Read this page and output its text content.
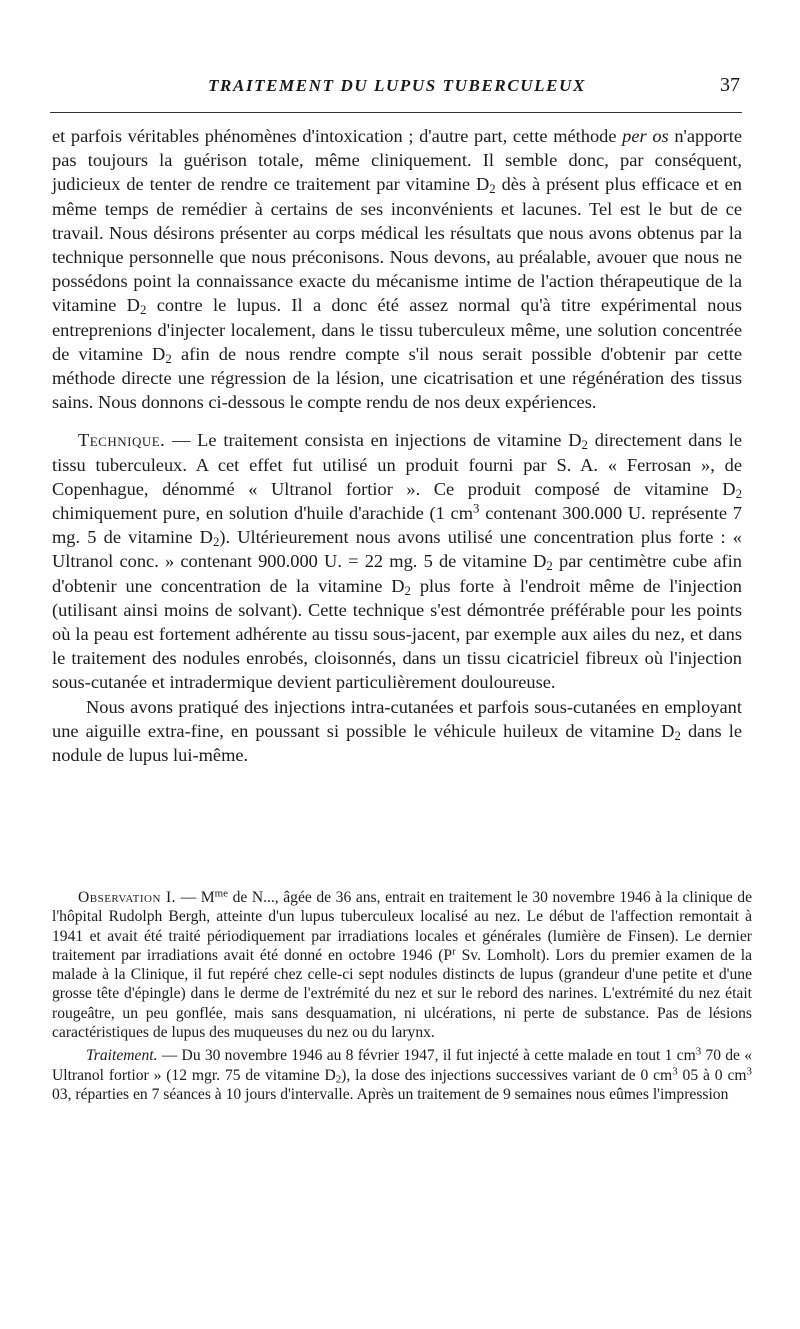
TRAITEMENT DU LUPUS TUBERCULEUX	37

et parfois véritables phénomènes d'intoxication ; d'autre part, cette méthode per os n'apporte pas toujours la guérison totale, même cliniquement. Il semble donc, par conséquent, judicieux de tenter de rendre ce traitement par vitamine $D_2$ dès à présent plus efficace et en même temps de remédier à certains de ses inconvénients et lacunes. Tel est le but de ce travail. Nous désirons présenter au corps médical les résultats que nous avons obtenus par la technique personnelle que nous préconisons. Nous devons, au préalable, avouer que nous ne possédons point la connaissance exacte du mécanisme intime de l'action thérapeutique de la vitamine $D_2$ contre le lupus. Il a donc été assez normal qu'à titre expérimental nous entreprenions d'injecter localement, dans le tissu tuberculeux même, une solution concentrée de vitamine $D_2$ afin de nous rendre compte s'il nous serait possible d'obtenir par cette méthode directe une régression de la lésion, une cicatrisation et une régénération des tissus sains. Nous donnons ci-dessous le compte rendu de nos deux expériences.

Technique. — Le traitement consista en injections de vitamine $D_2$ directement dans le tissu tuberculeux. A cet effet fut utilisé un produit fourni par S. A. « Ferrosan », de Copenhague, dénommé « Ultranol fortior ». Ce produit composé de vitamine $D_2$ chimiquement pure, en solution d'huile d'arachide (1 $cm^3$ contenant 300.000 U. représente 7 mg. 5 de vitamine $D_2$). Ultérieurement nous avons utilisé une concentration plus forte : « Ultranol conc. » contenant 900.000 U. = 22 mg. 5 de vitamine $D_2$ par centimètre cube afin d'obtenir une concentration de la vitamine $D_2$ plus forte à l'endroit même de l'injection (utilisant ainsi moins de solvant). Cette technique s'est démontrée préférable pour les points où la peau est fortement adhérente au tissu sous-jacent, par exemple aux ailes du nez, et dans le traitement des nodules enrobés, cloisonnés, dans un tissu cicatriciel fibreux où l'injection sous-cutanée et intradermique devient particulièrement douloureuse.

Nous avons pratiqué des injections intra-cutanées et parfois sous-cutanées en employant une aiguille extra-fine, en poussant si possible le véhicule huileux de vitamine $D_2$ dans le nodule de lupus lui-même.

Observation I. — $M^{me}$ de N..., âgée de 36 ans, entrait en traitement le 30 novembre 1946 à la clinique de l'hôpital Rudolph Bergh, atteinte d'un lupus tuberculeux localisé au nez. Le début de l'affection remontait à 1941 et avait été traité périodiquement par irradiations locales et générales (lumière de Finsen). Le dernier traitement par irradiations avait été donné en octobre 1946 ($P^r$ Sv. Lomholt). Lors du premier examen de la malade à la Clinique, il fut repéré chez celle-ci sept nodules distincts de lupus (grandeur d'une petite et d'une grosse tête d'épingle) dans le derme de l'extrémité du nez et sur le rebord des narines. L'extrémité du nez était rougeâtre, un peu gonflée, mais sans desquamation, ni ulcérations, ni perte de substance. Pas de lésions caractéristiques de lupus des muqueuses du nez ou du larynx.

Traitement. — Du 30 novembre 1946 au 8 février 1947, il fut injecté à cette malade en tout 1 $cm^3$ 70 de « Ultranol fortior » (12 mgr. 75 de vitamine $D_2$), la dose des injections successives variant de 0 $cm^3$ 05 à 0 $cm^3$ 03, réparties en 7 séances à 10 jours d'intervalle. Après un traitement de 9 semaines nous eûmes l'impression
